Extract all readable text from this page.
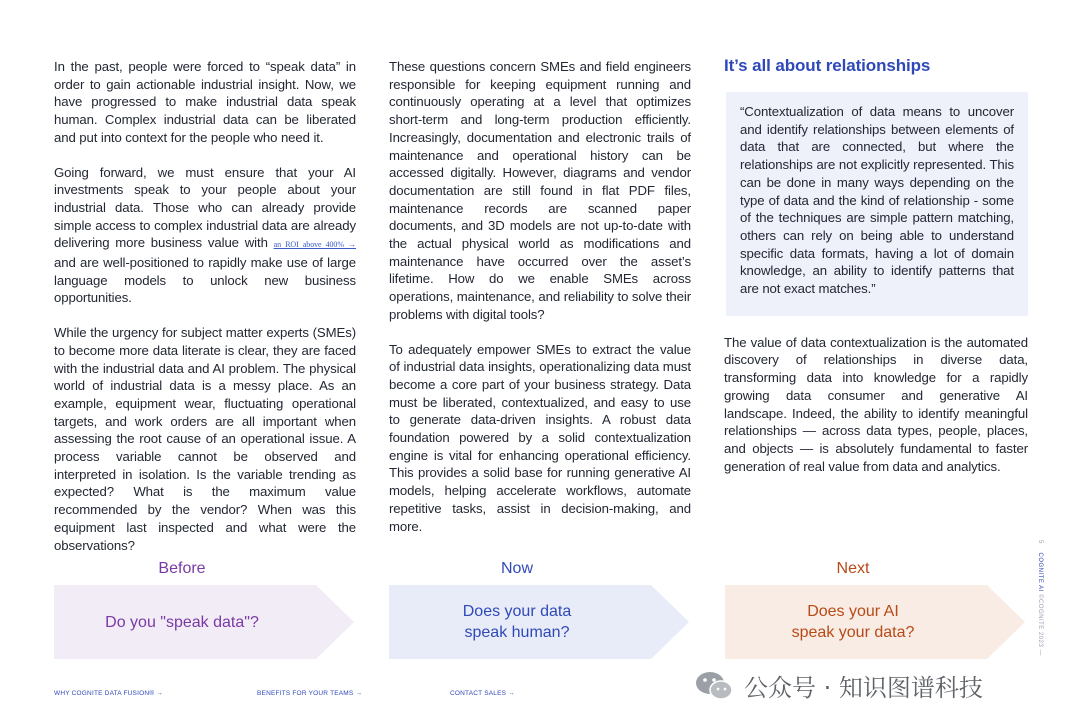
In the past, people were forced to “speak data” in order to gain actionable industrial insight. Now, we have progressed to make industrial data speak human. Complex industrial data can be liberated and put into context for the people who need it.

Going forward, we must ensure that your AI investments speak to your people about your industrial data. Those who can already provide simple access to complex industrial data are already delivering more business value with an ROI above 400% → and are well-positioned to rapidly make use of large language models to unlock new business opportunities.

While the urgency for subject matter experts (SMEs) to become more data literate is clear, they are faced with the industrial data and AI problem. The physical world of industrial data is a messy place. As an example, equipment wear, fluctuating operational targets, and work orders are all important when assessing the root cause of an operational issue. A process variable cannot be observed and interpreted in isolation. Is the variable trending as expected? What is the maximum value recommended by the vendor? When was this equipment last inspected and what were the observations?

These questions concern SMEs and field engineers responsible for keeping equipment running and continuously operating at a level that optimizes short-term and long-term production efficiently. Increasingly, documentation and electronic trails of maintenance and operational history can be accessed digitally. However, diagrams and vendor documentation are still found in flat PDF files, maintenance records are scanned paper documents, and 3D models are not up-to-date with the actual physical world as modifications and maintenance have occurred over the asset’s lifetime. How do we enable SMEs across operations, maintenance, and reliability to solve their problems with digital tools?

To adequately empower SMEs to extract the value of industrial data insights, operationalizing data must become a core part of your business strategy. Data must be liberated, contextualized, and easy to use to generate data-driven insights. A robust data foundation powered by a solid contextualization engine is vital for enhancing operational efficiency. This provides a solid base for running generative AI models, helping accelerate workflows, automate repetitive tasks, assist in decision-making, and more.

It’s all about relationships

“Contextualization of data means to uncover and identify relationships between elements of data that are connected, but where the relationships are not explicitly represented. This can be done in many ways depending on the type of data and the kind of relationship - some of the techniques are simple pattern matching, others can rely on being able to understand specific data formats, having a lot of domain knowledge, an ability to identify patterns that are not exact matches.”

The value of data contextualization is the automated discovery of relationships in diverse data, transforming data into knowledge for a rapidly growing data consumer and generative AI landscape. Indeed, the ability to identify meaningful relationships — across data types, people, places, and objects — is absolutely fundamental to faster generation of real value from data and analytics.

Before
Do you "speak data"?
Now
Does your data
speak human?
Next
Does your AI
speak your data?
WHY COGNITE DATA FUSION® →	BENEFITS FOR YOUR TEAMS →	CONTACT SALES →
5    COGNITE AI ©COGNITE 2023 —
公众号 · 知识图谱科技
